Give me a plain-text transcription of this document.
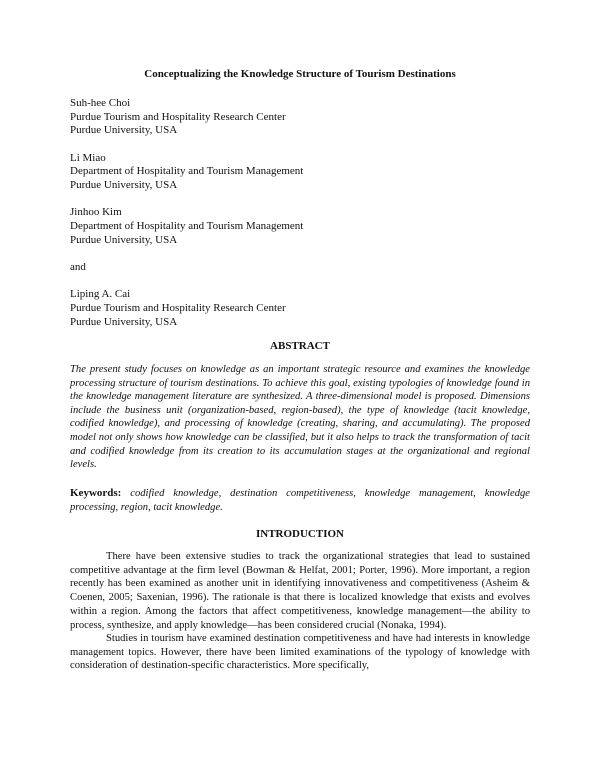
Conceptualizing the Knowledge Structure of Tourism Destinations
Suh-hee Choi
Purdue Tourism and Hospitality Research Center
Purdue University, USA
Li Miao
Department of Hospitality and Tourism Management
Purdue University, USA
Jinhoo Kim
Department of Hospitality and Tourism Management
Purdue University, USA
and
Liping A. Cai
Purdue Tourism and Hospitality Research Center
Purdue University, USA
ABSTRACT

The present study focuses on knowledge as an important strategic resource and examines the knowledge processing structure of tourism destinations. To achieve this goal, existing typologies of knowledge found in the knowledge management literature are synthesized. A three-dimensional model is proposed. Dimensions include the business unit (organization-based, region-based), the type of knowledge (tacit knowledge, codified knowledge), and processing of knowledge (creating, sharing, and accumulating). The proposed model not only shows how knowledge can be classified, but it also helps to track the transformation of tacit and codified knowledge from its creation to its accumulation stages at the organizational and regional levels.

Keywords: codified knowledge, destination competitiveness, knowledge management, knowledge processing, region, tacit knowledge.

INTRODUCTION

There have been extensive studies to track the organizational strategies that lead to sustained competitive advantage at the firm level (Bowman & Helfat, 2001; Porter, 1996). More important, a region recently has been examined as another unit in identifying innovativeness and competitiveness (Asheim & Coenen, 2005; Saxenian, 1996). The rationale is that there is localized knowledge that exists and evolves within a region. Among the factors that affect competitiveness, knowledge management—the ability to process, synthesize, and apply knowledge—has been considered crucial (Nonaka, 1994).

Studies in tourism have examined destination competitiveness and have had interests in knowledge management topics. However, there have been limited examinations of the typology of knowledge with consideration of destination-specific characteristics. More specifically,
